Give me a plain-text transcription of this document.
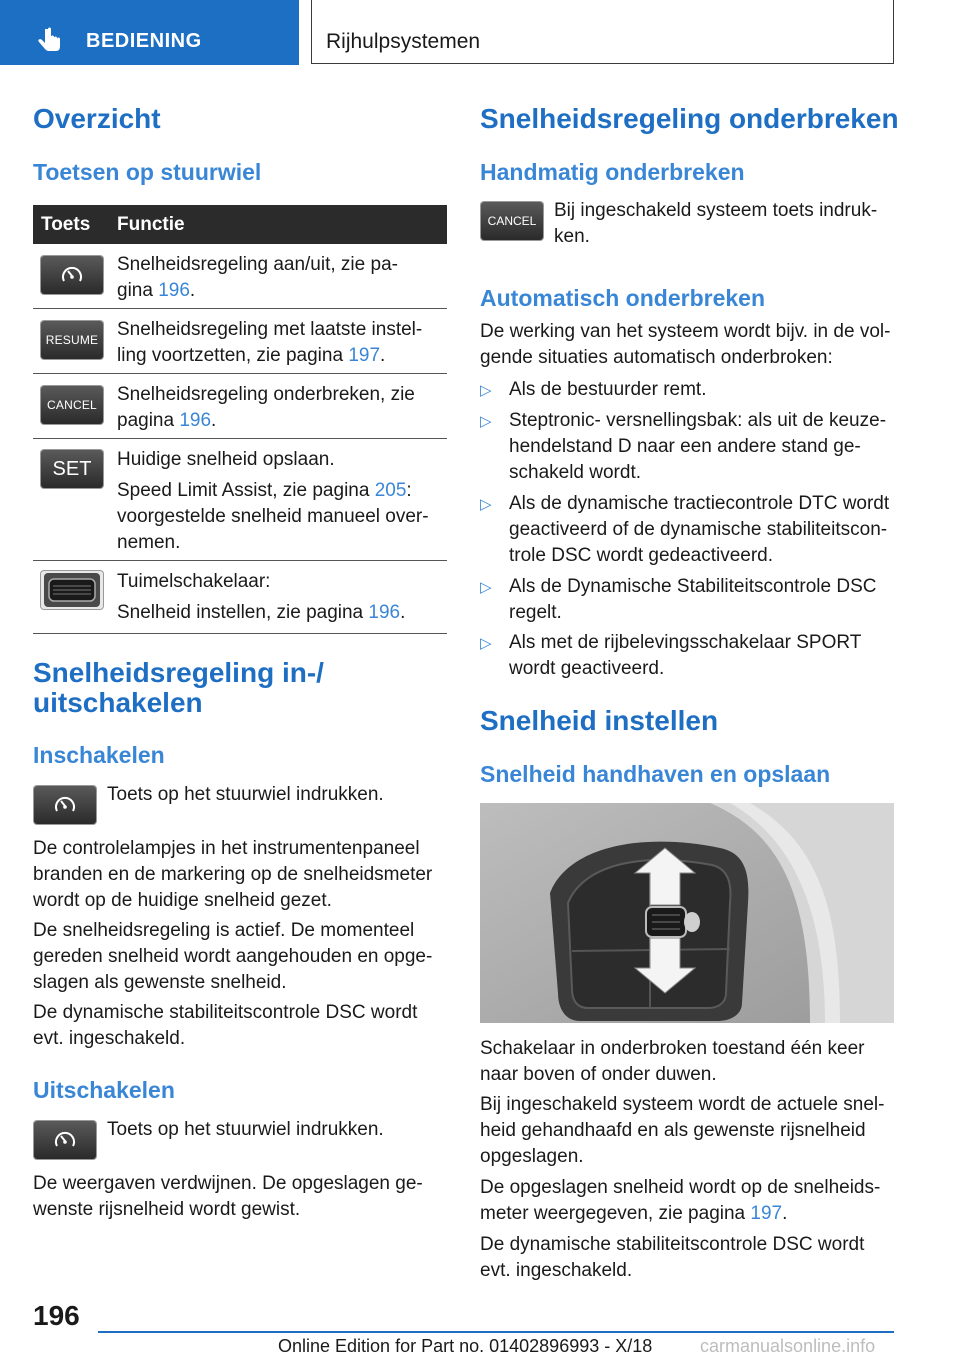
BEDIENING	Rijhulpsystemen
Overzicht
Toetsen op stuurwiel
Toets Functie

Snelheidsregeling aan/uit, zie pa-
gina 196.

RESUME Snelheidsregeling met laatste instel-
ling voortzetten, zie pagina 197.

CANCEL	Snelheidsregeling onderbreken, zie
pagina 196.

SET	Huidige snelheid opslaan.

Speed Limit Assist, zie pagina 205:
voorgestelde snelheid manueel over-
nemen.

Tuimelschakelaar:

Snelheid instellen, zie pagina 196.

Snelheidsregeling in-/
uitschakelen
Inschakelen

Toets op het stuurwiel indrukken.

De controlelampjes in het instrumentenpaneel
branden en de markering op de snelheidsmeter
wordt op de huidige snelheid gezet.

De snelheidsregeling is actief. De momenteel
gereden snelheid wordt aangehouden en opge-
slagen als gewenste snelheid.

De dynamische stabiliteitscontrole DSC wordt
evt. ingeschakeld.

Uitschakelen

Toets op het stuurwiel indrukken.

De weergaven verdwijnen. De opgeslagen ge-
wenste rijsnelheid wordt gewist.

Snelheidsregeling onderbreken
Handmatig onderbreken
CANCEL Bij ingeschakeld systeem toets indruk-
ken.

Automatisch onderbreken

De werking van het systeem wordt bijv. in de vol-
gende situaties automatisch onderbroken:

▷ Als de bestuurder remt.
▷ Steptronic- versnellingsbak: als uit de keuze-
hendelstand D naar een andere stand ge-
schakeld wordt.
▷ Als de dynamische tractiecontrole DTC wordt
geactiveerd of de dynamische stabiliteitscon-
trole DSC wordt gedeactiveerd.
▷ Als de Dynamische Stabiliteitscontrole DSC
regelt.
▷ Als met de rijbelevingsschakelaar SPORT
wordt geactiveerd.
Snelheid instellen
Snelheid handhaven en opslaan

Schakelaar in onderbroken toestand één keer
naar boven of onder duwen.

Bij ingeschakeld systeem wordt de actuele snel-
heid gehandhaafd en als gewenste rijsnelheid
opgeslagen.

De opgeslagen snelheid wordt op de snelheids-
meter weergegeven, zie pagina 197.

De dynamische stabiliteitscontrole DSC wordt
evt. ingeschakeld.

196
Online Edition for Part no. 01402896993 - X/18	carmanualsonline.info
